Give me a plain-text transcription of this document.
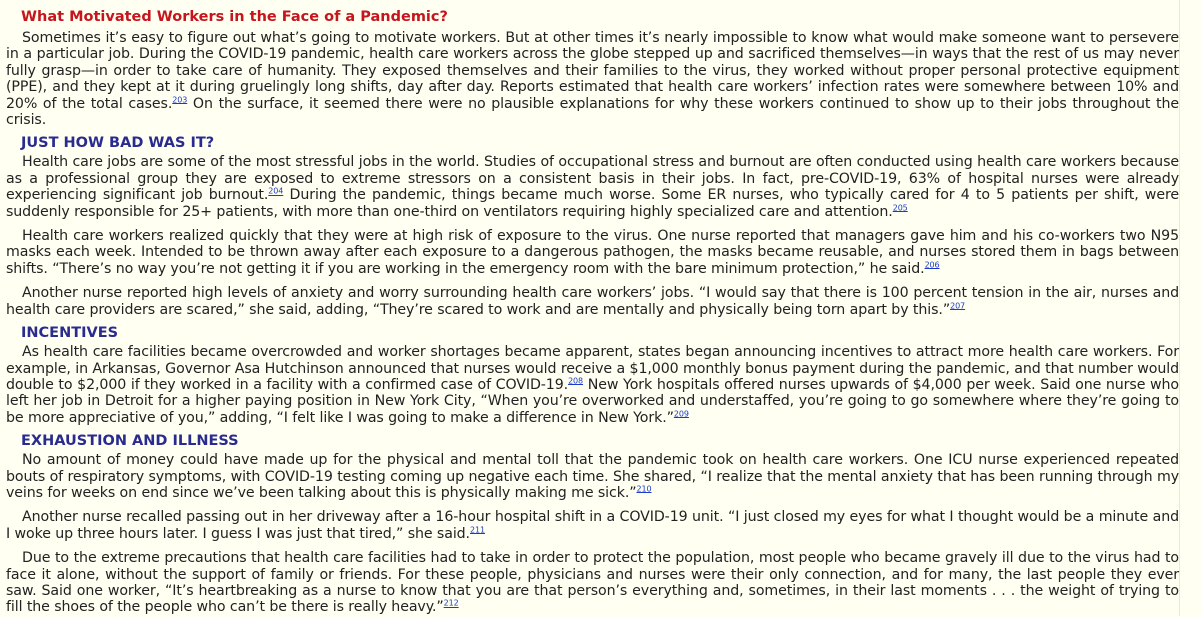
What Motivated Workers in the Face of a Pandemic?

Sometimes it’s easy to figure out what’s going to motivate workers. But at other times it’s nearly impossible to know what would make someone want to persevere in a particular job. During the COVID-19 pandemic, health care workers across the globe stepped up and sacrificed themselves—in ways that the rest of us may never fully grasp—in order to take care of humanity. They exposed themselves and their families to the virus, they worked without proper personal protective equipment (PPE), and they kept at it during gruelingly long shifts, day after day. Reports estimated that health care workers’ infection rates were somewhere between 10% and 20% of the total cases.$^{203}$ On the surface, it seemed there were no plausible explanations for why these workers continued to show up to their jobs throughout the crisis.

JUST HOW BAD WAS IT?

Health care jobs are some of the most stressful jobs in the world. Studies of occupational stress and burnout are often conducted using health care workers because as a professional group they are exposed to extreme stressors on a consistent basis in their jobs. In fact, pre-COVID-19, 63% of hospital nurses were already experiencing significant job burnout.$^{204}$ During the pandemic, things became much worse. Some ER nurses, who typically cared for 4 to 5 patients per shift, were suddenly responsible for 25+ patients, with more than one-third on ventilators requiring highly specialized care and attention.$^{205}$

Health care workers realized quickly that they were at high risk of exposure to the virus. One nurse reported that managers gave him and his co-workers two N95 masks each week. Intended to be thrown away after each exposure to a dangerous pathogen, the masks became reusable, and nurses stored them in bags between shifts. “There’s no way you’re not getting it if you are working in the emergency room with the bare minimum protection,” he said.$^{206}$

Another nurse reported high levels of anxiety and worry surrounding health care workers’ jobs. “I would say that there is 100 percent tension in the air, nurses and health care providers are scared,” she said, adding, “They’re scared to work and are mentally and physically being torn apart by this.”$^{207}$

INCENTIVES

As health care facilities became overcrowded and worker shortages became apparent, states began announcing incentives to attract more health care workers. For example, in Arkansas, Governor Asa Hutchinson announced that nurses would receive a $1,000 monthly bonus payment during the pandemic, and that number would double to $2,000 if they worked in a facility with a confirmed case of COVID-19.$^{208}$ New York hospitals offered nurses upwards of $4,000 per week. Said one nurse who left her job in Detroit for a higher paying position in New York City, “When you’re overworked and understaffed, you’re going to go somewhere where they’re going to be more appreciative of you,” adding, “I felt like I was going to make a difference in New York.”$^{209}$

EXHAUSTION AND ILLNESS

No amount of money could have made up for the physical and mental toll that the pandemic took on health care workers. One ICU nurse experienced repeated bouts of respiratory symptoms, with COVID-19 testing coming up negative each time. She shared, “I realize that the mental anxiety that has been running through my veins for weeks on end since we’ve been talking about this is physically making me sick.”$^{210}$

Another nurse recalled passing out in her driveway after a 16-hour hospital shift in a COVID-19 unit. “I just closed my eyes for what I thought would be a minute and I woke up three hours later. I guess I was just that tired,” she said.$^{211}$

Due to the extreme precautions that health care facilities had to take in order to protect the population, most people who became gravely ill due to the virus had to face it alone, without the support of family or friends. For these people, physicians and nurses were their only connection, and for many, the last people they ever saw. Said one worker, “It’s heartbreaking as a nurse to know that you are that person’s everything and, sometimes, in their last moments . . . the weight of trying to fill the shoes of the people who can’t be there is really heavy.”$^{212}$
